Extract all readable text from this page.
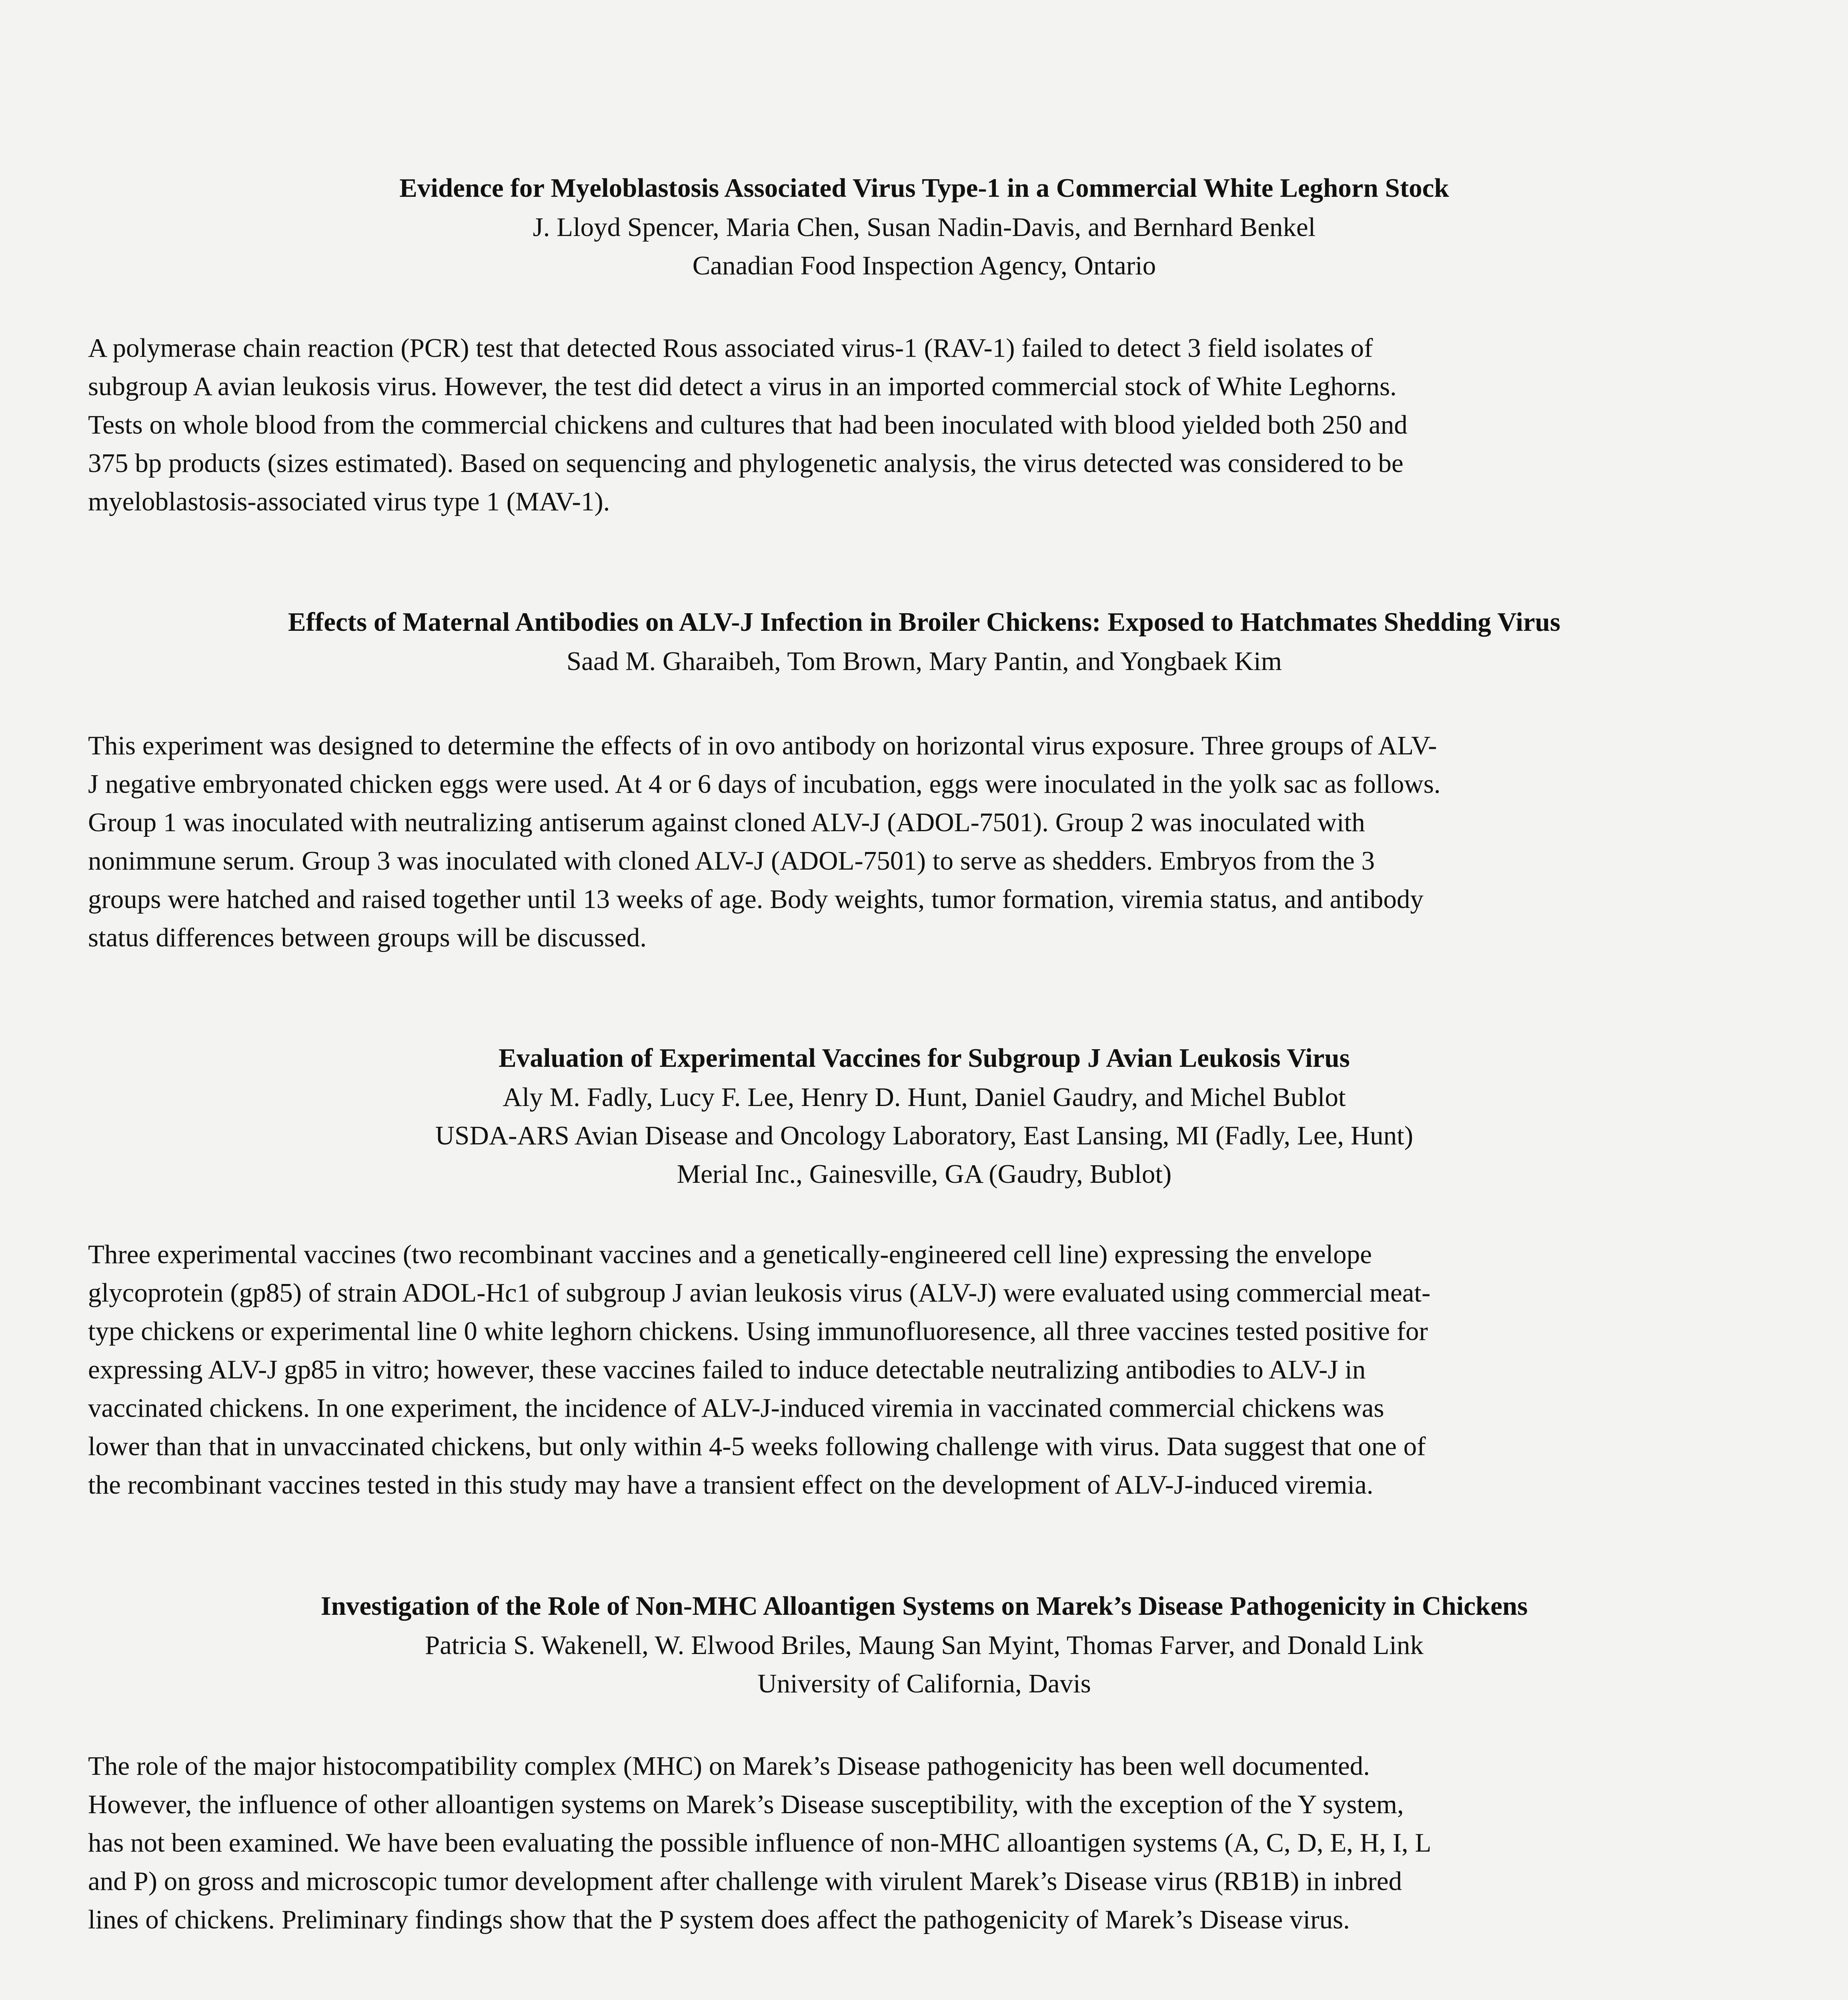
Evidence for Myeloblastosis Associated Virus Type-1 in a Commercial White Leghorn Stock

J. Lloyd Spencer, Maria Chen, Susan Nadin-Davis, and Bernhard Benkel

Canadian Food Inspection Agency, Ontario

A polymerase chain reaction (PCR) test that detected Rous associated virus-1 (RAV-1) failed to detect 3 field isolates of
subgroup A avian leukosis virus. However, the test did detect a virus in an imported commercial stock of White Leghorns.
Tests on whole blood from the commercial chickens and cultures that had been inoculated with blood yielded both 250 and
375 bp products (sizes estimated). Based on sequencing and phylogenetic analysis, the virus detected was considered to be
myeloblastosis-associated virus type 1 (MAV-1).

Effects of Maternal Antibodies on ALV-J Infection in Broiler Chickens: Exposed to Hatchmates Shedding Virus

Saad M. Gharaibeh, Tom Brown, Mary Pantin, and Yongbaek Kim

This experiment was designed to determine the effects of in ovo antibody on horizontal virus exposure. Three groups of ALV-
J negative embryonated chicken eggs were used. At 4 or 6 days of incubation, eggs were inoculated in the yolk sac as follows.
Group 1 was inoculated with neutralizing antiserum against cloned ALV-J (ADOL-7501). Group 2 was inoculated with
nonimmune serum. Group 3 was inoculated with cloned ALV-J (ADOL-7501) to serve as shedders. Embryos from the 3
groups were hatched and raised together until 13 weeks of age. Body weights, tumor formation, viremia status, and antibody
status differences between groups will be discussed.

Evaluation of Experimental Vaccines for Subgroup J Avian Leukosis Virus

Aly M. Fadly, Lucy F. Lee, Henry D. Hunt, Daniel Gaudry, and Michel Bublot

USDA-ARS Avian Disease and Oncology Laboratory, East Lansing, MI (Fadly, Lee, Hunt)

Merial Inc., Gainesville, GA (Gaudry, Bublot)

Three experimental vaccines (two recombinant vaccines and a genetically-engineered cell line) expressing the envelope
glycoprotein (gp85) of strain ADOL-Hc1 of subgroup J avian leukosis virus (ALV-J) were evaluated using commercial meat-
type chickens or experimental line 0 white leghorn chickens. Using immunofluoresence, all three vaccines tested positive for
expressing ALV-J gp85 in vitro; however, these vaccines failed to induce detectable neutralizing antibodies to ALV-J in
vaccinated chickens. In one experiment, the incidence of ALV-J-induced viremia in vaccinated commercial chickens was
lower than that in unvaccinated chickens, but only within 4-5 weeks following challenge with virus. Data suggest that one of
the recombinant vaccines tested in this study may have a transient effect on the development of ALV-J-induced viremia.

Investigation of the Role of Non-MHC Alloantigen Systems on Marek’s Disease Pathogenicity in Chickens

Patricia S. Wakenell, W. Elwood Briles, Maung San Myint, Thomas Farver, and Donald Link

University of California, Davis

The role of the major histocompatibility complex (MHC) on Marek’s Disease pathogenicity has been well documented.
However, the influence of other alloantigen systems on Marek’s Disease susceptibility, with the exception of the Y system,
has not been examined. We have been evaluating the possible influence of non-MHC alloantigen systems (A, C, D, E, H, I, L
and P) on gross and microscopic tumor development after challenge with virulent Marek’s Disease virus (RB1B) in inbred
lines of chickens. Preliminary findings show that the P system does affect the pathogenicity of Marek’s Disease virus.
